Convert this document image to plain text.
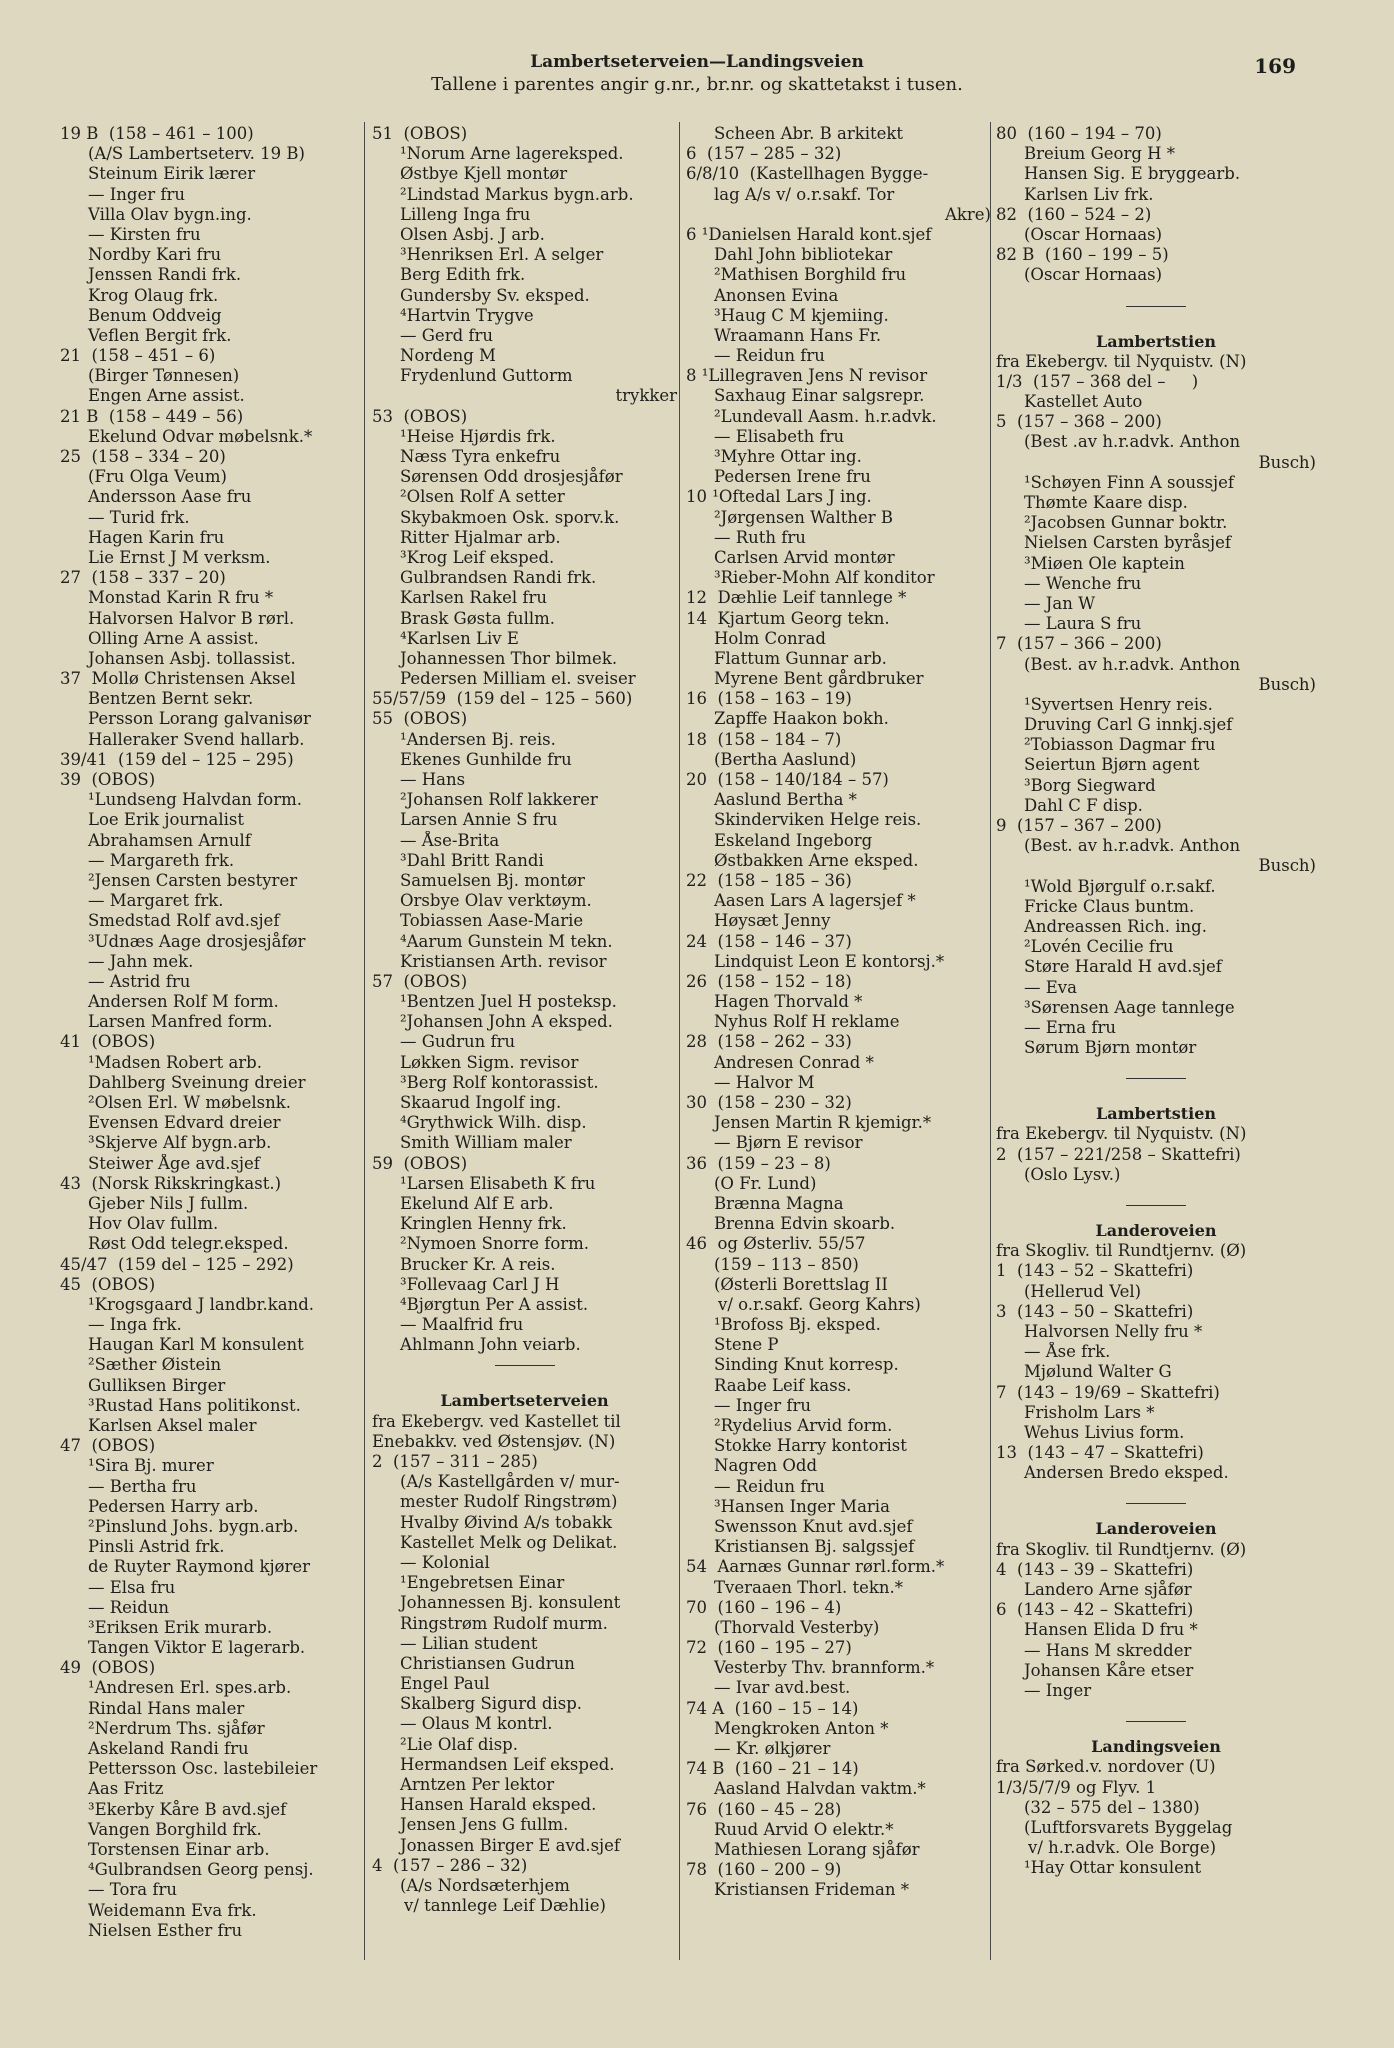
Lambertseterveien—Landingsveien
Tallene i parentes angir g.nr., br.nr. og skattetakst i tusen.
169
19 B  (158 – 461 – 100)
(A/S Lambertseterv. 19 B)
Steinum Eirik lærer
— Inger fru
Villa Olav bygn.ing.
— Kirsten fru
Nordby Kari fru
Jenssen Randi frk.
Krog Olaug frk.
Benum Oddveig
Veflen Bergit frk.
21  (158 – 451 – 6)
(Birger Tønnesen)
Engen Arne assist.
21 B  (158 – 449 – 56)
Ekelund Odvar møbelsnk.*
25  (158 – 334 – 20)
(Fru Olga Veum)
Andersson Aase fru
— Turid frk.
Hagen Karin fru
Lie Ernst J M verksm.
27  (158 – 337 – 20)
Monstad Karin R fru *
Halvorsen Halvor B rørl.
Olling Arne A assist.
Johansen Asbj. tollassist.
37  Mollø Christensen Aksel
Bentzen Bernt sekr.
Persson Lorang galvanisør
Halleraker Svend hallarb.
39/41  (159 del – 125 – 295)
39  (OBOS)
¹Lundseng Halvdan form.
Loe Erik journalist
Abrahamsen Arnulf
— Margareth frk.
²Jensen Carsten bestyrer
— Margaret frk.
Smedstad Rolf avd.sjef
³Udnæs Aage drosjesjåfør
— Jahn mek.
— Astrid fru
Andersen Rolf M form.
Larsen Manfred form.
41  (OBOS)
¹Madsen Robert arb.
Dahlberg Sveinung dreier
²Olsen Erl. W møbelsnk.
Evensen Edvard dreier
³Skjerve Alf bygn.arb.
Steiwer Åge avd.sjef
43  (Norsk Rikskringkast.)
Gjeber Nils J fullm.
Hov Olav fullm.
Røst Odd telegr.eksped.
45/47  (159 del – 125 – 292)
45  (OBOS)
¹Krogsgaard J landbr.kand.
— Inga frk.
Haugan Karl M konsulent
²Sæther Øistein
Gulliksen Birger
³Rustad Hans politikonst.
Karlsen Aksel maler
47  (OBOS)
¹Sira Bj. murer
— Bertha fru
Pedersen Harry arb.
²Pinslund Johs. bygn.arb.
Pinsli Astrid frk.
de Ruyter Raymond kjører
— Elsa fru
— Reidun
³Eriksen Erik murarb.
Tangen Viktor E lagerarb.
49  (OBOS)
¹Andresen Erl. spes.arb.
Rindal Hans maler
²Nerdrum Ths. sjåfør
Askeland Randi fru
Pettersson Osc. lastebileier
Aas Fritz
³Ekerby Kåre B avd.sjef
Vangen Borghild frk.
Torstensen Einar arb.
⁴Gulbrandsen Georg pensj.
— Tora fru
Weidemann Eva frk.
Nielsen Esther fru
51  (OBOS)
¹Norum Arne lagereksped.
Østbye Kjell montør
²Lindstad Markus bygn.arb.
Lilleng Inga fru
Olsen Asbj. J arb.
³Henriksen Erl. A selger
Berg Edith frk.
Gundersby Sv. eksped.
⁴Hartvin Trygve
— Gerd fru
Nordeng M
Frydenlund Guttorm
trykker
53  (OBOS)
¹Heise Hjørdis frk.
Næss Tyra enkefru
Sørensen Odd drosjesjåfør
²Olsen Rolf A setter
Skybakmoen Osk. sporv.k.
Ritter Hjalmar arb.
³Krog Leif eksped.
Gulbrandsen Randi frk.
Karlsen Rakel fru
Brask Gøsta fullm.
⁴Karlsen Liv E
Johannessen Thor bilmek.
Pedersen Milliam el. sveiser
55/57/59  (159 del – 125 – 560)
55  (OBOS)
¹Andersen Bj. reis.
Ekenes Gunhilde fru
— Hans
²Johansen Rolf lakkerer
Larsen Annie S fru
— Åse-Brita
³Dahl Britt Randi
Samuelsen Bj. montør
Orsbye Olav verktøym.
Tobiassen Aase-Marie
⁴Aarum Gunstein M tekn.
Kristiansen Arth. revisor
57  (OBOS)
¹Bentzen Juel H posteksp.
²Johansen John A eksped.
— Gudrun fru
Løkken Sigm. revisor
³Berg Rolf kontorassist.
Skaarud Ingolf ing.
⁴Grythwick Wilh. disp.
Smith William maler
59  (OBOS)
¹Larsen Elisabeth K fru
Ekelund Alf E arb.
Kringlen Henny frk.
²Nymoen Snorre form.
Brucker Kr. A reis.
³Follevaag Carl J H
⁴Bjørgtun Per A assist.
— Maalfrid fru
Ahlmann John veiarb.
Lambertseterveien
fra Ekebergv. ved Kastellet til
Enebakkv. ved Østensjøv. (N)
2  (157 – 311 – 285)
(A/s Kastellgården v/ mur-
mester Rudolf Ringstrøm)
Hvalby Øivind A/s tobakk
Kastellet Melk og Delikat.
— Kolonial
¹Engebretsen Einar
Johannessen Bj. konsulent
Ringstrøm Rudolf murm.
— Lilian student
Christiansen Gudrun
Engel Paul
Skalberg Sigurd disp.
— Olaus M kontrl.
²Lie Olaf disp.
Hermandsen Leif eksped.
Arntzen Per lektor
Hansen Harald eksped.
Jensen Jens G fullm.
Jonassen Birger E avd.sjef
4  (157 – 286 – 32)
(A/s Nordsæterhjem
v/ tannlege Leif Dæhlie)
Scheen Abr. B arkitekt
6  (157 – 285 – 32)
6/8/10  (Kastellhagen Bygge-
lag A/s v/ o.r.sakf. Tor
Akre)
6 ¹Danielsen Harald kont.sjef
Dahl John bibliotekar
²Mathisen Borghild fru
Anonsen Evina
³Haug C M kjemiing.
Wraamann Hans Fr.
— Reidun fru
8 ¹Lillegraven Jens N revisor
Saxhaug Einar salgsrepr.
²Lundevall Aasm. h.r.advk.
— Elisabeth fru
³Myhre Ottar ing.
Pedersen Irene fru
10 ¹Oftedal Lars J ing.
²Jørgensen Walther B
— Ruth fru
Carlsen Arvid montør
³Rieber-Mohn Alf konditor
12  Dæhlie Leif tannlege *
14  Kjartum Georg tekn.
Holm Conrad
Flattum Gunnar arb.
Myrene Bent gårdbruker
16  (158 – 163 – 19)
Zapffe Haakon bokh.
18  (158 – 184 – 7)
(Bertha Aaslund)
20  (158 – 140/184 – 57)
Aaslund Bertha *
Skinderviken Helge reis.
Eskeland Ingeborg
Østbakken Arne eksped.
22  (158 – 185 – 36)
Aasen Lars A lagersjef *
Høysæt Jenny
24  (158 – 146 – 37)
Lindquist Leon E kontorsj.*
26  (158 – 152 – 18)
Hagen Thorvald *
Nyhus Rolf H reklame
28  (158 – 262 – 33)
Andresen Conrad *
— Halvor M
30  (158 – 230 – 32)
Jensen Martin R kjemigr.*
— Bjørn E revisor
36  (159 – 23 – 8)
(O Fr. Lund)
Brænna Magna
Brenna Edvin skoarb.
46  og Østerliv. 55/57
(159 – 113 – 850)
(Østerli Borettslag II
v/ o.r.sakf. Georg Kahrs)
¹Brofoss Bj. eksped.
Stene P
Sinding Knut korresp.
Raabe Leif kass.
— Inger fru
²Rydelius Arvid form.
Stokke Harry kontorist
Nagren Odd
— Reidun fru
³Hansen Inger Maria
Swensson Knut avd.sjef
Kristiansen Bj. salgssjef
54  Aarnæs Gunnar rørl.form.*
Tveraaen Thorl. tekn.*
70  (160 – 196 – 4)
(Thorvald Vesterby)
72  (160 – 195 – 27)
Vesterby Thv. brannform.*
— Ivar avd.best.
74 A  (160 – 15 – 14)
Mengkroken Anton *
— Kr. ølkjører
74 B  (160 – 21 – 14)
Aasland Halvdan vaktm.*
76  (160 – 45 – 28)
Ruud Arvid O elektr.*
Mathiesen Lorang sjåfør
78  (160 – 200 – 9)
Kristiansen Frideman *
80  (160 – 194 – 70)
Breium Georg H *
Hansen Sig. E bryggearb.
Karlsen Liv frk.
82  (160 – 524 – 2)
(Oscar Hornaas)
82 B  (160 – 199 – 5)
(Oscar Hornaas)
Lambertstien
fra Ekebergv. til Nyquistv. (N)
1/3  (157 – 368 del –     )
Kastellet Auto
5  (157 – 368 – 200)
(Best .av h.r.advk. Anthon
Busch)
¹Schøyen Finn A soussjef
Thømte Kaare disp.
²Jacobsen Gunnar boktr.
Nielsen Carsten byråsjef
³Miøen Ole kaptein
— Wenche fru
— Jan W
— Laura S fru
7  (157 – 366 – 200)
(Best. av h.r.advk. Anthon
Busch)
¹Syvertsen Henry reis.
Druving Carl G innkj.sjef
²Tobiasson Dagmar fru
Seiertun Bjørn agent
³Borg Siegward
Dahl C F disp.
9  (157 – 367 – 200)
(Best. av h.r.advk. Anthon
Busch)
¹Wold Bjørgulf o.r.sakf.
Fricke Claus buntm.
Andreassen Rich. ing.
²Lovén Cecilie fru
Støre Harald H avd.sjef
— Eva
³Sørensen Aage tannlege
— Erna fru
Sørum Bjørn montør
Lambertstien
fra Ekebergv. til Nyquistv. (N)
2  (157 – 221/258 – Skattefri)
(Oslo Lysv.)
Landeroveien
fra Skogliv. til Rundtjernv. (Ø)
1  (143 – 52 – Skattefri)
(Hellerud Vel)
3  (143 – 50 – Skattefri)
Halvorsen Nelly fru *
— Åse frk.
Mjølund Walter G
7  (143 – 19/69 – Skattefri)
Frisholm Lars *
Wehus Livius form.
13  (143 – 47 – Skattefri)
Andersen Bredo eksped.
Landeroveien
fra Skogliv. til Rundtjernv. (Ø)
4  (143 – 39 – Skattefri)
Landero Arne sjåfør
6  (143 – 42 – Skattefri)
Hansen Elida D fru *
— Hans M skredder
Johansen Kåre etser
— Inger
Landingsveien
fra Sørked.v. nordover (U)
1/3/5/7/9 og Flyv. 1
(32 – 575 del – 1380)
(Luftforsvarets Byggelag
v/ h.r.advk. Ole Borge)
¹Hay Ottar konsulent
